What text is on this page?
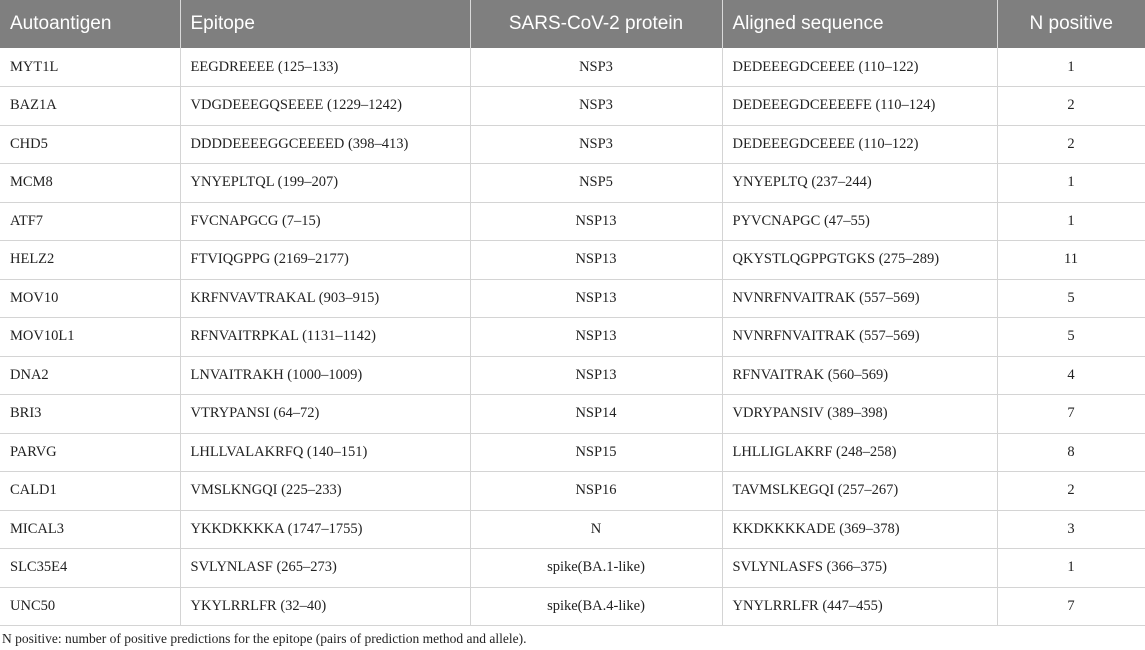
Autoantigen	Epitope	SARS-CoV-2 protein	Aligned sequence	N positive
MYT1L	EEGDREEEE (125–133)	NSP3	DEDEEEGDCEEEE (110–122)	1
BAZ1A	VDGDEEEGQSEEEE (1229–1242)	NSP3	DEDEEEGDCEEEEFE (110–124)	2
CHD5	DDDDEEEEGGCEEEED (398–413)	NSP3	DEDEEEGDCEEEE (110–122)	2
MCM8	YNYEPLTQL (199–207)	NSP5	YNYEPLTQ (237–244)	1
ATF7	FVCNAPGCG (7–15)	NSP13	PYVCNAPGC (47–55)	1
HELZ2	FTVIQGPPG (2169–2177)	NSP13	QKYSTLQGPPGTGKS (275–289)	11
MOV10	KRFNVAVTRAKAL (903–915)	NSP13	NVNRFNVAITRAK (557–569)	5
MOV10L1	RFNVAITRPKAL (1131–1142)	NSP13	NVNRFNVAITRAK (557–569)	5
DNA2	LNVAITRAKH (1000–1009)	NSP13	RFNVAITRAK (560–569)	4
BRI3	VTRYPANSI (64–72)	NSP14	VDRYPANSIV (389–398)	7
PARVG	LHLLVALAKRFQ (140–151)	NSP15	LHLLIGLAKRF (248–258)	8
CALD1	VMSLKNGQI (225–233)	NSP16	TAVMSLKEGQI (257–267)	2
MICAL3	YKKDKKKKA (1747–1755)	N	KKDKKKKADE (369–378)	3
SLC35E4	SVLYNLASF (265–273)	spike(BA.1-like)	SVLYNLASFS (366–375)	1
UNC50	YKYLRRLFR (32–40)	spike(BA.4-like)	YNYLRRLFR (447–455)	7
N positive: number of positive predictions for the epitope (pairs of prediction method and allele).
